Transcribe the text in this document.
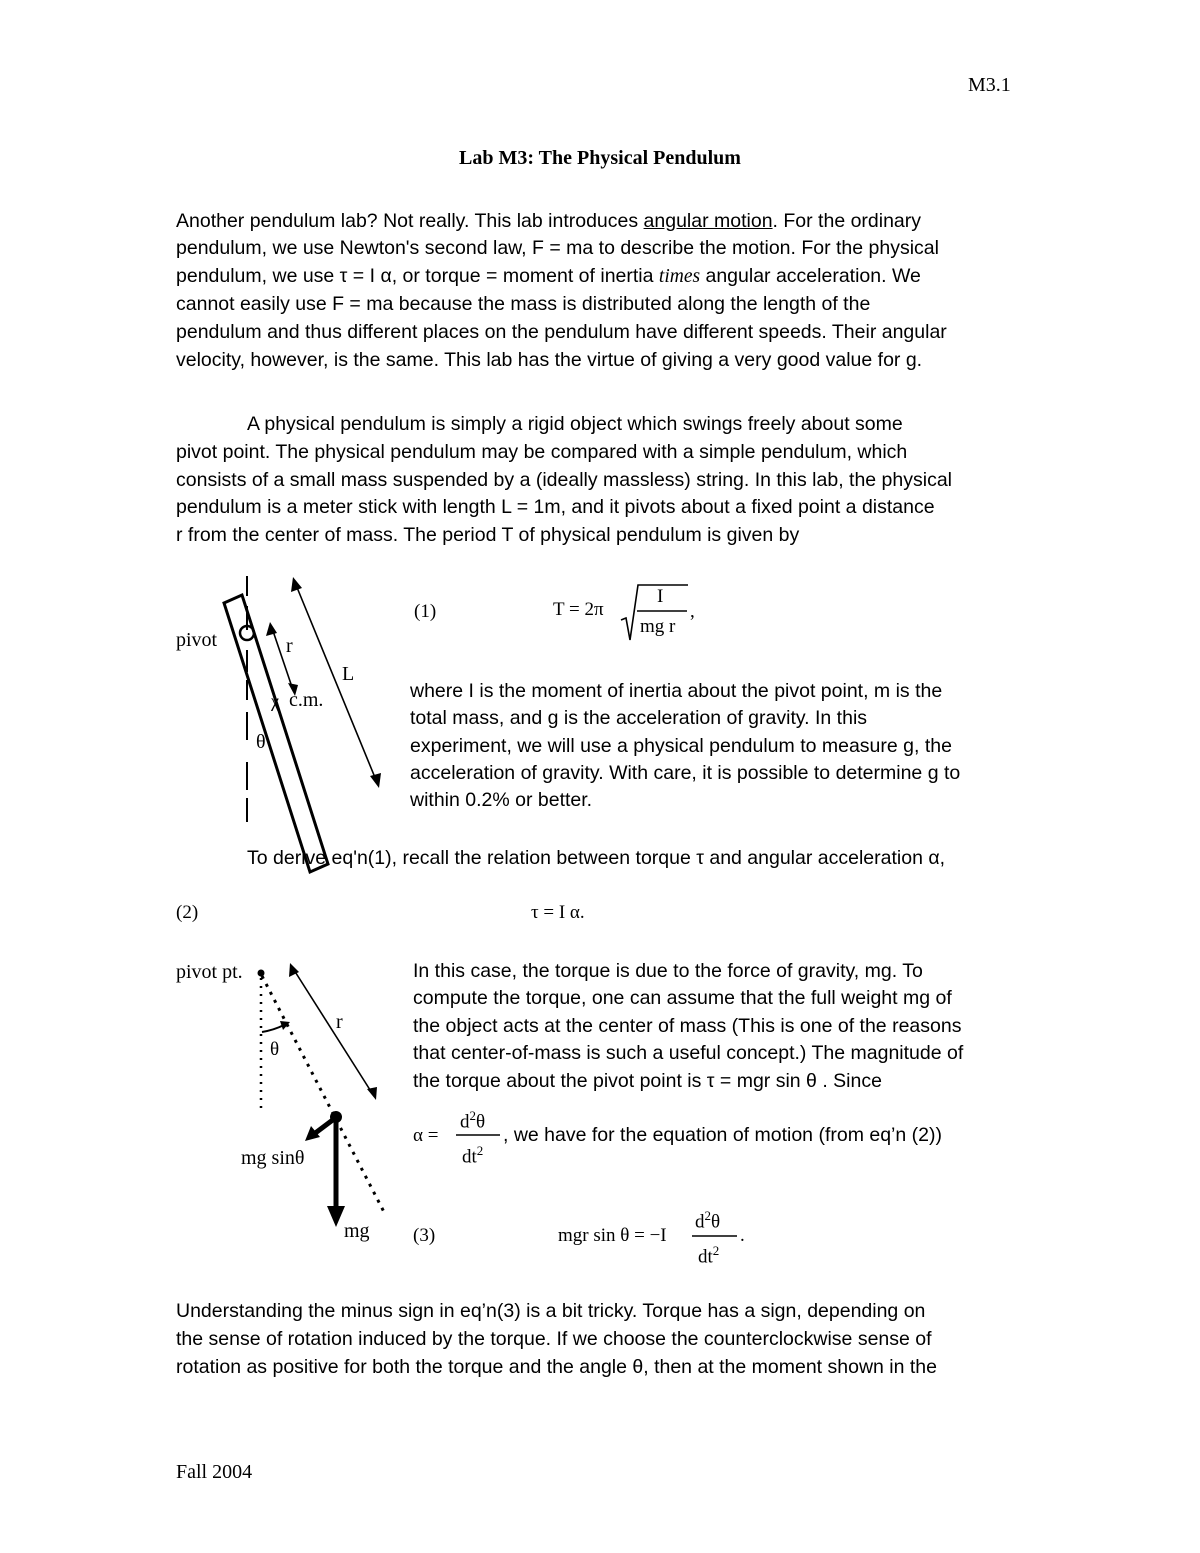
M3.1
Lab M3: The Physical Pendulum
Another pendulum lab? Not really. This lab introduces angular motion. For the ordinary
pendulum, we use Newton's second law, F = ma to describe the motion. For the physical
pendulum, we use τ = I α, or torque = moment of inertia times angular acceleration. We
cannot easily use F = ma because the mass is distributed along the length of the
pendulum and thus different places on the pendulum have different speeds. Their angular
velocity, however, is the same. This lab has the virtue of giving a very good value for g.
A physical pendulum is simply a rigid object which swings freely about some
pivot point. The physical pendulum may be compared with a simple pendulum, which
consists of a small mass suspended by a (ideally massless) string. In this lab, the physical
pendulum is a meter stick with length L = 1m, and it pivots about a fixed point a distance
r from the center of mass. The period T of physical pendulum is given by
pivot	r
L
χ c.m.
θ
(1)	T = 2π
I
mg r
,
where I is the moment of inertia about the pivot point, m is the
total mass, and g is the acceleration of gravity. In this
experiment, we will use a physical pendulum to measure g, the
acceleration of gravity. With care, it is possible to determine g to
within 0.2% or better.
To derive eq'n(1), recall the relation between torque τ and angular acceleration α,
(2)	τ = I α.
pivot pt.
r
θ
mg sinθ
mg
In this case, the torque is due to the force of gravity, mg. To
compute the torque, one can assume that the full weight mg of
the object acts at the center of mass (This is one of the reasons
that center-of-mass is such a useful concept.) The magnitude of
the torque about the pivot point is τ = mgr sin θ . Since
α =
$d^2\theta$
$dt^2$
, we have for the equation of motion (from eq’n (2))
(3)	mgr sin θ = −I
$d^2\theta$
$dt^2$
.
Understanding the minus sign in eq’n(3) is a bit tricky. Torque has a sign, depending on
the sense of rotation induced by the torque. If we choose the counterclockwise sense of
rotation as positive for both the torque and the angle θ, then at the moment shown in the
Fall 2004
